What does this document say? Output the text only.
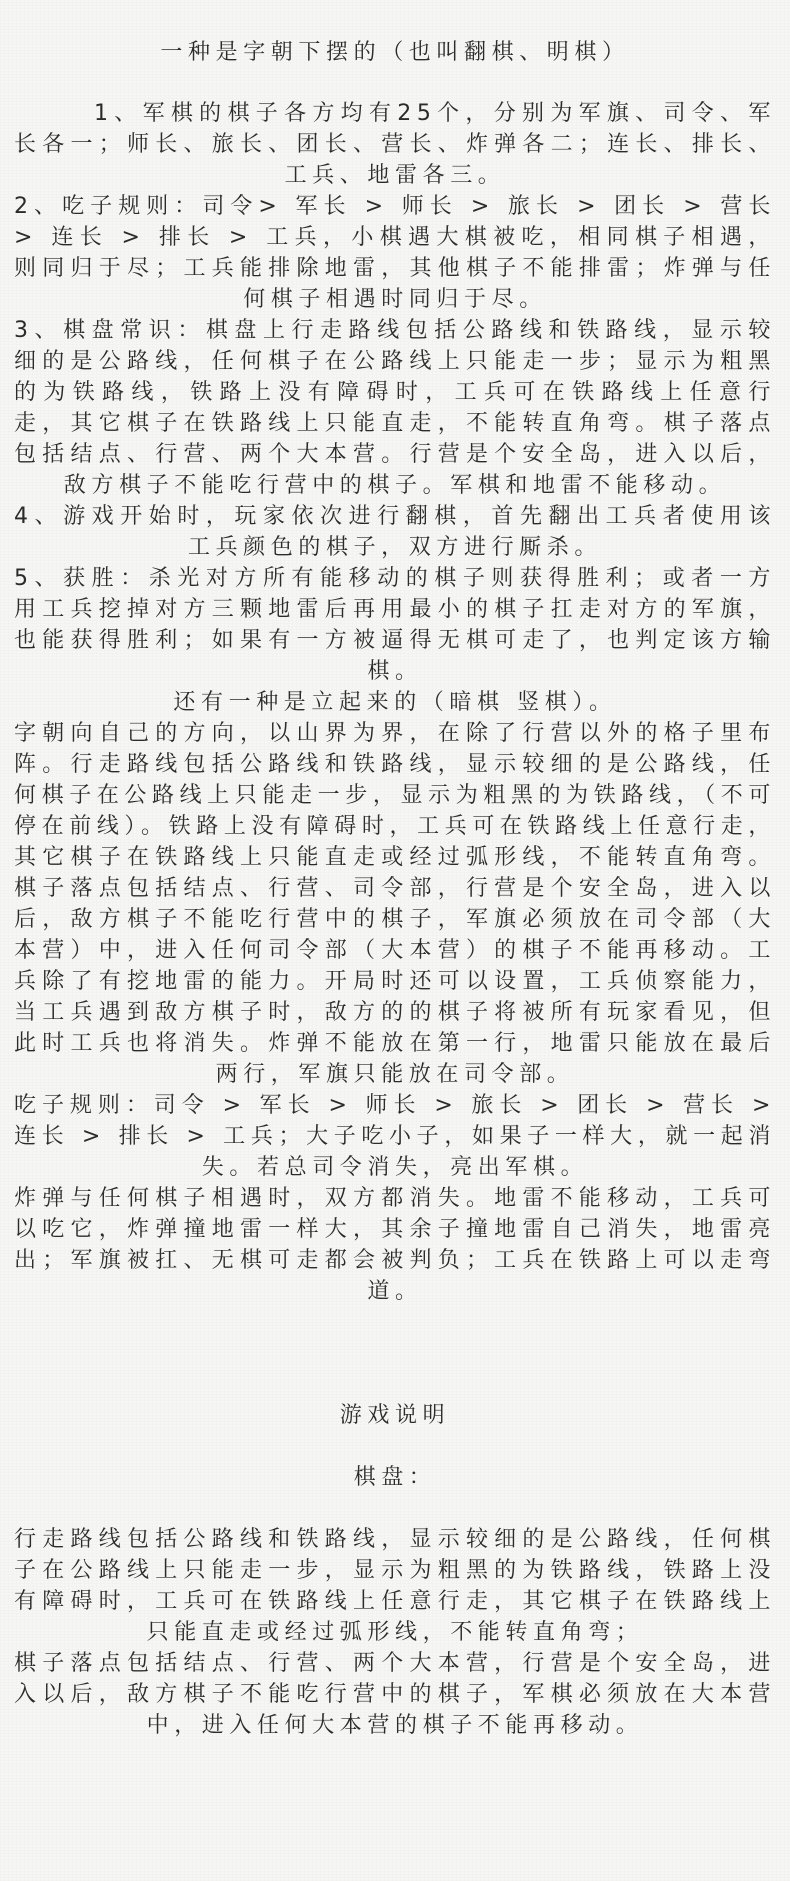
一种是字朝下摆的（也叫翻棋、明棋）

1、军棋的棋子各方均有25个，分别为军旗、司令、军长各一；师长、旅长、团长、营长、炸弹各二；连长、排长、工兵、地雷各三。

2、吃子规则：司令> 军长 > 师长 > 旅长 > 团长 > 营长 > 连长 > 排长 > 工兵，小棋遇大棋被吃，相同棋子相遇，则同归于尽；工兵能排除地雷，其他棋子不能排雷；炸弹与任何棋子相遇时同归于尽。

3、棋盘常识：棋盘上行走路线包括公路线和铁路线，显示较细的是公路线，任何棋子在公路线上只能走一步；显示为粗黑的为铁路线，铁路上没有障碍时，工兵可在铁路线上任意行走，其它棋子在铁路线上只能直走，不能转直角弯。棋子落点包括结点、行营、两个大本营。行营是个安全岛，进入以后，敌方棋子不能吃行营中的棋子。军棋和地雷不能移动。

4、游戏开始时，玩家依次进行翻棋，首先翻出工兵者使用该工兵颜色的棋子，双方进行厮杀。

5、获胜：杀光对方所有能移动的棋子则获得胜利；或者一方用工兵挖掉对方三颗地雷后再用最小的棋子扛走对方的军旗，也能获得胜利；如果有一方被逼得无棋可走了，也判定该方输棋。

还有一种是立起来的（暗棋 竖棋）。

字朝向自己的方向，以山界为界，在除了行营以外的格子里布阵。行走路线包括公路线和铁路线，显示较细的是公路线，任何棋子在公路线上只能走一步，显示为粗黑的为铁路线，（不可停在前线）。铁路上没有障碍时，工兵可在铁路线上任意行走，其它棋子在铁路线上只能直走或经过弧形线，不能转直角弯。棋子落点包括结点、行营、司令部，行营是个安全岛，进入以后，敌方棋子不能吃行营中的棋子，军旗必须放在司令部（大本营）中，进入任何司令部（大本营）的棋子不能再移动。工兵除了有挖地雷的能力。开局时还可以设置，工兵侦察能力，当工兵遇到敌方棋子时，敌方的的棋子将被所有玩家看见，但此时工兵也将消失。炸弹不能放在第一行，地雷只能放在最后两行，军旗只能放在司令部。

吃子规则：司令 > 军长 > 师长 > 旅长 > 团长 > 营长 > 连长 > 排长 > 工兵；大子吃小子，如果子一样大，就一起消失。若总司令消失，亮出军棋。

炸弹与任何棋子相遇时，双方都消失。地雷不能移动，工兵可以吃它，炸弹撞地雷一样大，其余子撞地雷自己消失，地雷亮出；军旗被扛、无棋可走都会被判负；工兵在铁路上可以走弯道。

游戏说明

棋盘：

行走路线包括公路线和铁路线，显示较细的是公路线，任何棋子在公路线上只能走一步，显示为粗黑的为铁路线，铁路上没有障碍时，工兵可在铁路线上任意行走，其它棋子在铁路线上只能直走或经过弧形线，不能转直角弯；

棋子落点包括结点、行营、两个大本营，行营是个安全岛，进入以后，敌方棋子不能吃行营中的棋子，军棋必须放在大本营中，进入任何大本营的棋子不能再移动。
